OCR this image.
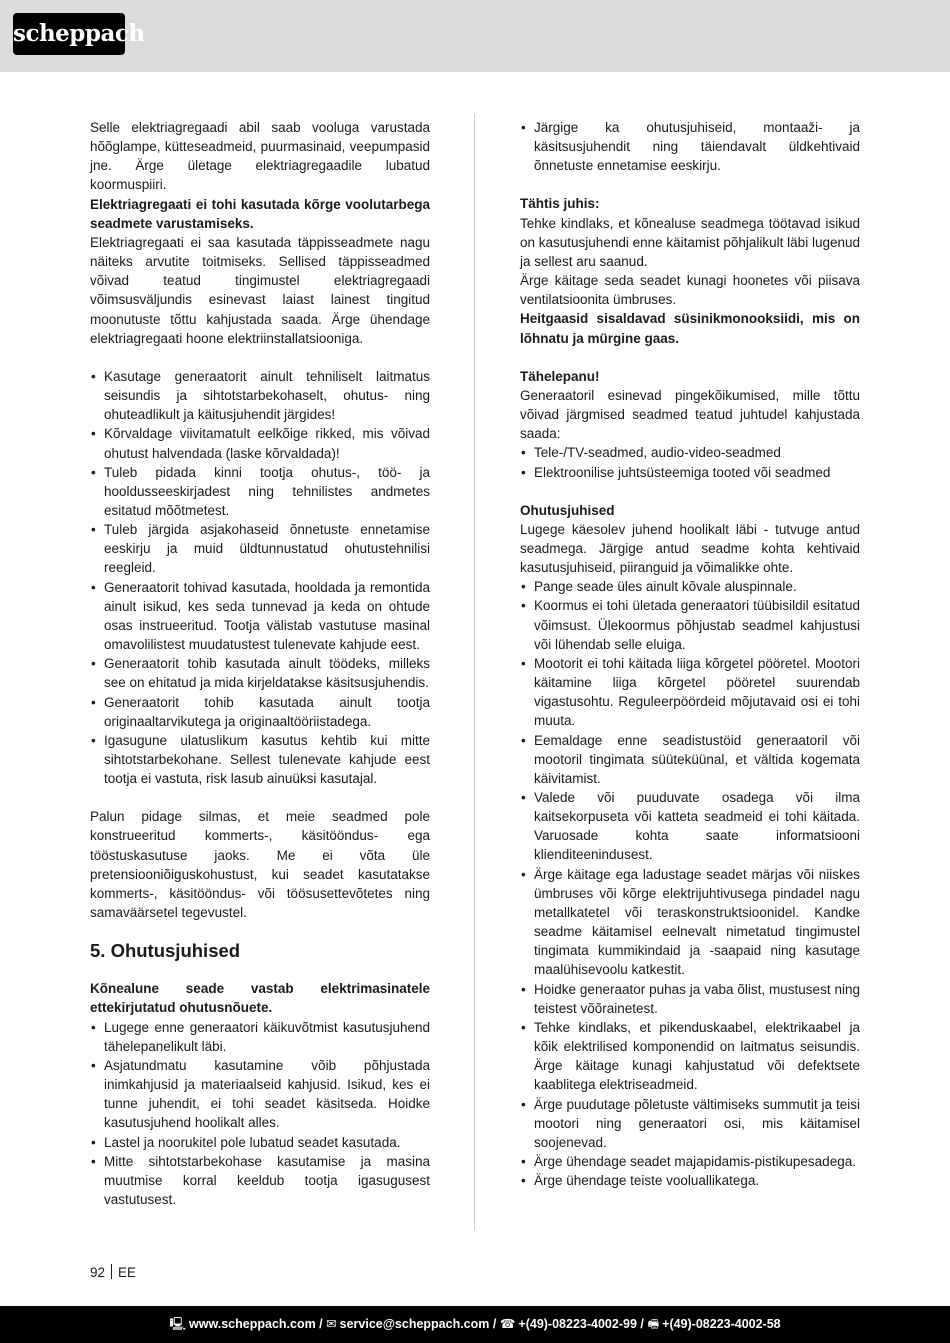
scheppach

Selle elektriagregaadi abil saab vooluga varustada hõõglampe, kütteseadmeid, puurmasinaid, veepumpasid jne. Ärge ületage elektriagregaadile lubatud koormuspiiri.

Elektriagregaati ei tohi kasutada kõrge voolutarbega seadmete varustamiseks.

Elektriagregaati ei saa kasutada täppisseadmete nagu näiteks arvutite toitmiseks. Sellised täppisseadmed võivad teatud tingimustel elektriagregaadi võimsusväljundis esinevast laiast lainest tingitud moonutuste tõttu kahjustada saada. Ärge ühendage elektriagregaati hoone elektriinstallatsiooniga.

• Kasutage generaatorit ainult tehniliselt laitmatus seisundis ja sihtotstarbekohaselt, ohutus- ning ohuteadlikult ja käitusjuhendit järgides!
• Kõrvaldage viivitamatult eelkõige rikked, mis võivad ohutust halvendada (laske kõrvaldada)!
• Tuleb pidada kinni tootja ohutus-, töö- ja hooldusseeskirjadest ning tehnilistes andmetes esitatud mõõtmetest.
• Tuleb järgida asjakohaseid õnnetuste ennetamise eeskirju ja muid üldtunnustatud ohutustehnilisi reegleid.
• Generaatorit tohivad kasutada, hooldada ja remontida ainult isikud, kes seda tunnevad ja keda on ohtude osas instrueeritud. Tootja välistab vastutuse masinal omavolilistest muudatustest tulenevate kahjude eest.
• Generaatorit tohib kasutada ainult töödeks, milleks see on ehitatud ja mida kirjeldatakse käsitsusjuhendis.
• Generaatorit tohib kasutada ainult tootja originaaltarvikutega ja originaaltööriistadega.
• Igasugune ulatuslikum kasutus kehtib kui mitte sihtotstarbekohane. Sellest tulenevate kahjude eest tootja ei vastuta, risk lasub ainuüksi kasutajal.

Palun pidage silmas, et meie seadmed pole konstrueeritud kommerts-, käsitööndus- ega tööstuskasutuse jaoks. Me ei võta üle pretensiooniõiguskohustust, kui seadet kasutatakse kommerts-, käsitööndus- või töösusettevõtetes ning samaväärsetel tegevustel.

5. Ohutusjuhised

Kõnealune seade vastab elektrimasinatele ettekirjutatud ohutusnõuete.

• Lugege enne generaatori käikuvõtmist kasutusjuhend tähelepanelikult läbi.
• Asjatundmatu kasutamine võib põhjustada inimkahjusid ja materiaalseid kahjusid. Isikud, kes ei tunne juhendit, ei tohi seadet käsitseda. Hoidke kasutusjuhend hoolikalt alles.
• Lastel ja noorukitel pole lubatud seadet kasutada.
• Mitte sihtotstarbekohase kasutamise ja masina muutmise korral keeldub tootja igasugusest vastutusest.
• Järgige ka ohutusjuhiseid, montaaži- ja käsitsusjuhendit ning täiendavalt üldkehtivaid õnnetuste ennetamise eeskirju.

Tähtis juhis:

Tehke kindlaks, et kõnealuse seadmega töötavad isikud on kasutusjuhendi enne käitamist põhjalikult läbi lugenud ja sellest aru saanud.

Ärge käitage seda seadet kunagi hoonetes või piisava ventilatsioonita ümbruses.

Heitgaasid sisaldavad süsinikmonooksiidi, mis on lõhnatu ja mürgine gaas.

Tähelepanu!

Generaatoril esinevad pingekõikumised, mille tõttu võivad järgmised seadmed teatud juhtudel kahjustada saada:

• Tele-/TV-seadmed, audio-video-seadmed
• Elektroonilise juhtsüsteemiga tooted või seadmed

Ohutusjuhised

Lugege käesolev juhend hoolikalt läbi - tutvuge antud seadmega. Järgige antud seadme kohta kehtivaid kasutusjuhiseid, piiranguid ja võimalikke ohte.

• Pange seade üles ainult kõvale aluspinnale.
• Koormus ei tohi ületada generaatori tüübisildil esitatud võimsust. Ülekoormus põhjustab seadmel kahjustusi või lühendab selle eluiga.
• Mootorit ei tohi käitada liiga kõrgetel pööretel. Mootori käitamine liiga kõrgetel pööretel suurendab vigastusohtu. Reguleerpöördeid mõjutavaid osi ei tohi muuta.
• Eemaldage enne seadistustöid generaatoril või mootoril tingimata süüteküünal, et vältida kogemata käivitamist.
• Valede või puuduvate osadega või ilma kaitsekorpuseta või katteta seadmeid ei tohi käitada. Varuosade kohta saate informatsiooni klienditeenindusest.
• Ärge käitage ega ladustage seadet märjas või niiskes ümbruses või kõrge elektrijuhtivusega pindadel nagu metallkatetel või teraskonstruktsioonidel. Kandke seadme käitamisel eelnevalt nimetatud tingimustel tingimata kummikindaid ja -saapaid ning kasutage maalühisevoolu katkestit.
• Hoidke generaator puhas ja vaba õlist, mustusest ning teistest võõrainetest.
• Tehke kindlaks, et pikenduskaabel, elektrikaabel ja kõik elektrilised komponendid on laitmatus seisundis. Ärge käitage kunagi kahjustatud või defektsete kaablitega elektriseadmeid.
• Ärge puudutage põletuste vältimiseks summutit ja teisi mootori ning generaatori osi, mis käitamisel soojenevad.
• Ärge ühendage seadet majapidamis-pistikupesadega.
• Ärge ühendage teiste vooluallikatega.
92 EE
🖳 www.scheppach.com / ✉ service@scheppach.com / ☎ +(49)-08223-4002-99 / 🖷 +(49)-08223-4002-58
